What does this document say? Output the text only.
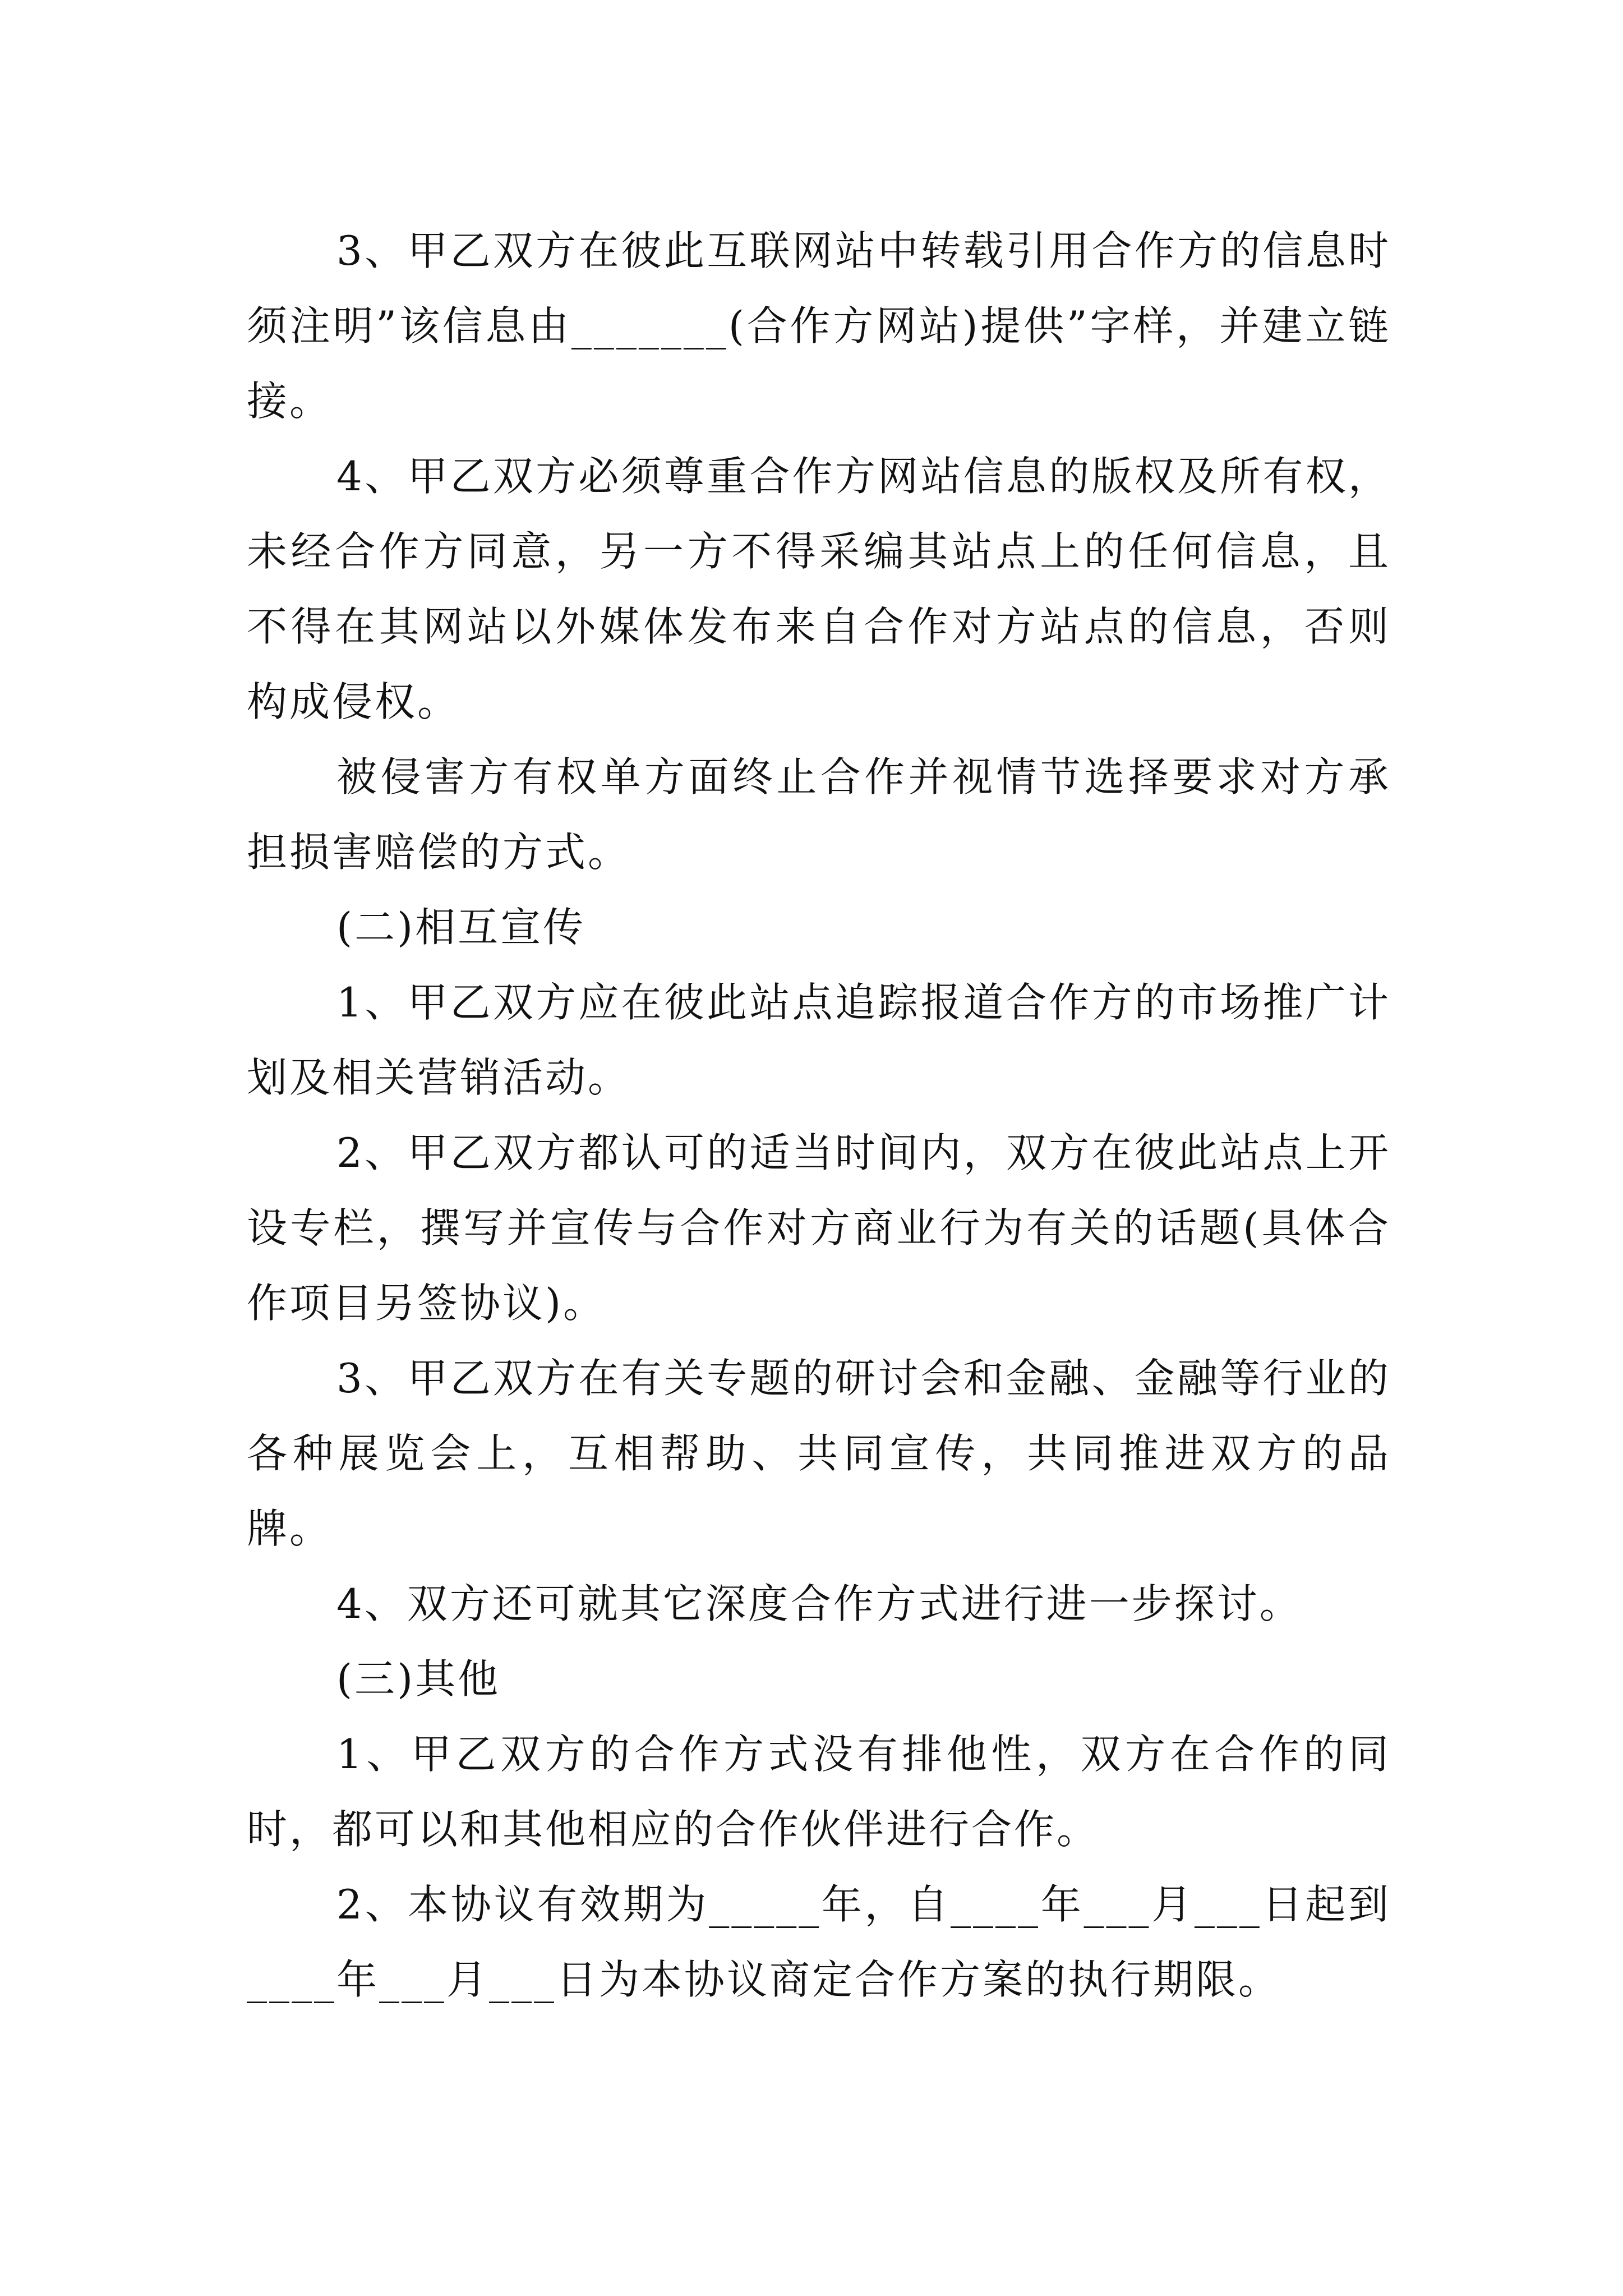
3、甲乙双方在彼此互联网站中转载引用合作方的信息时须注明”该信息由_______(合作方网站)提供”字样，并建立链接。

4、甲乙双方必须尊重合作方网站信息的版权及所有权，未经合作方同意，另一方不得采编其站点上的任何信息，且不得在其网站以外媒体发布来自合作对方站点的信息，否则构成侵权。

被侵害方有权单方面终止合作并视情节选择要求对方承担损害赔偿的方式。

(二)相互宣传

1、甲乙双方应在彼此站点追踪报道合作方的市场推广计划及相关营销活动。

2、甲乙双方都认可的适当时间内，双方在彼此站点上开设专栏，撰写并宣传与合作对方商业行为有关的话题(具体合作项目另签协议)。

3、甲乙双方在有关专题的研讨会和金融、金融等行业的各种展览会上，互相帮助、共同宣传，共同推进双方的品牌。

4、双方还可就其它深度合作方式进行进一步探讨。

(三)其他

1、甲乙双方的合作方式没有排他性，双方在合作的同时，都可以和其他相应的合作伙伴进行合作。

2、本协议有效期为_____年，自____年___月___日起到____年___月___日为本协议商定合作方案的执行期限。
